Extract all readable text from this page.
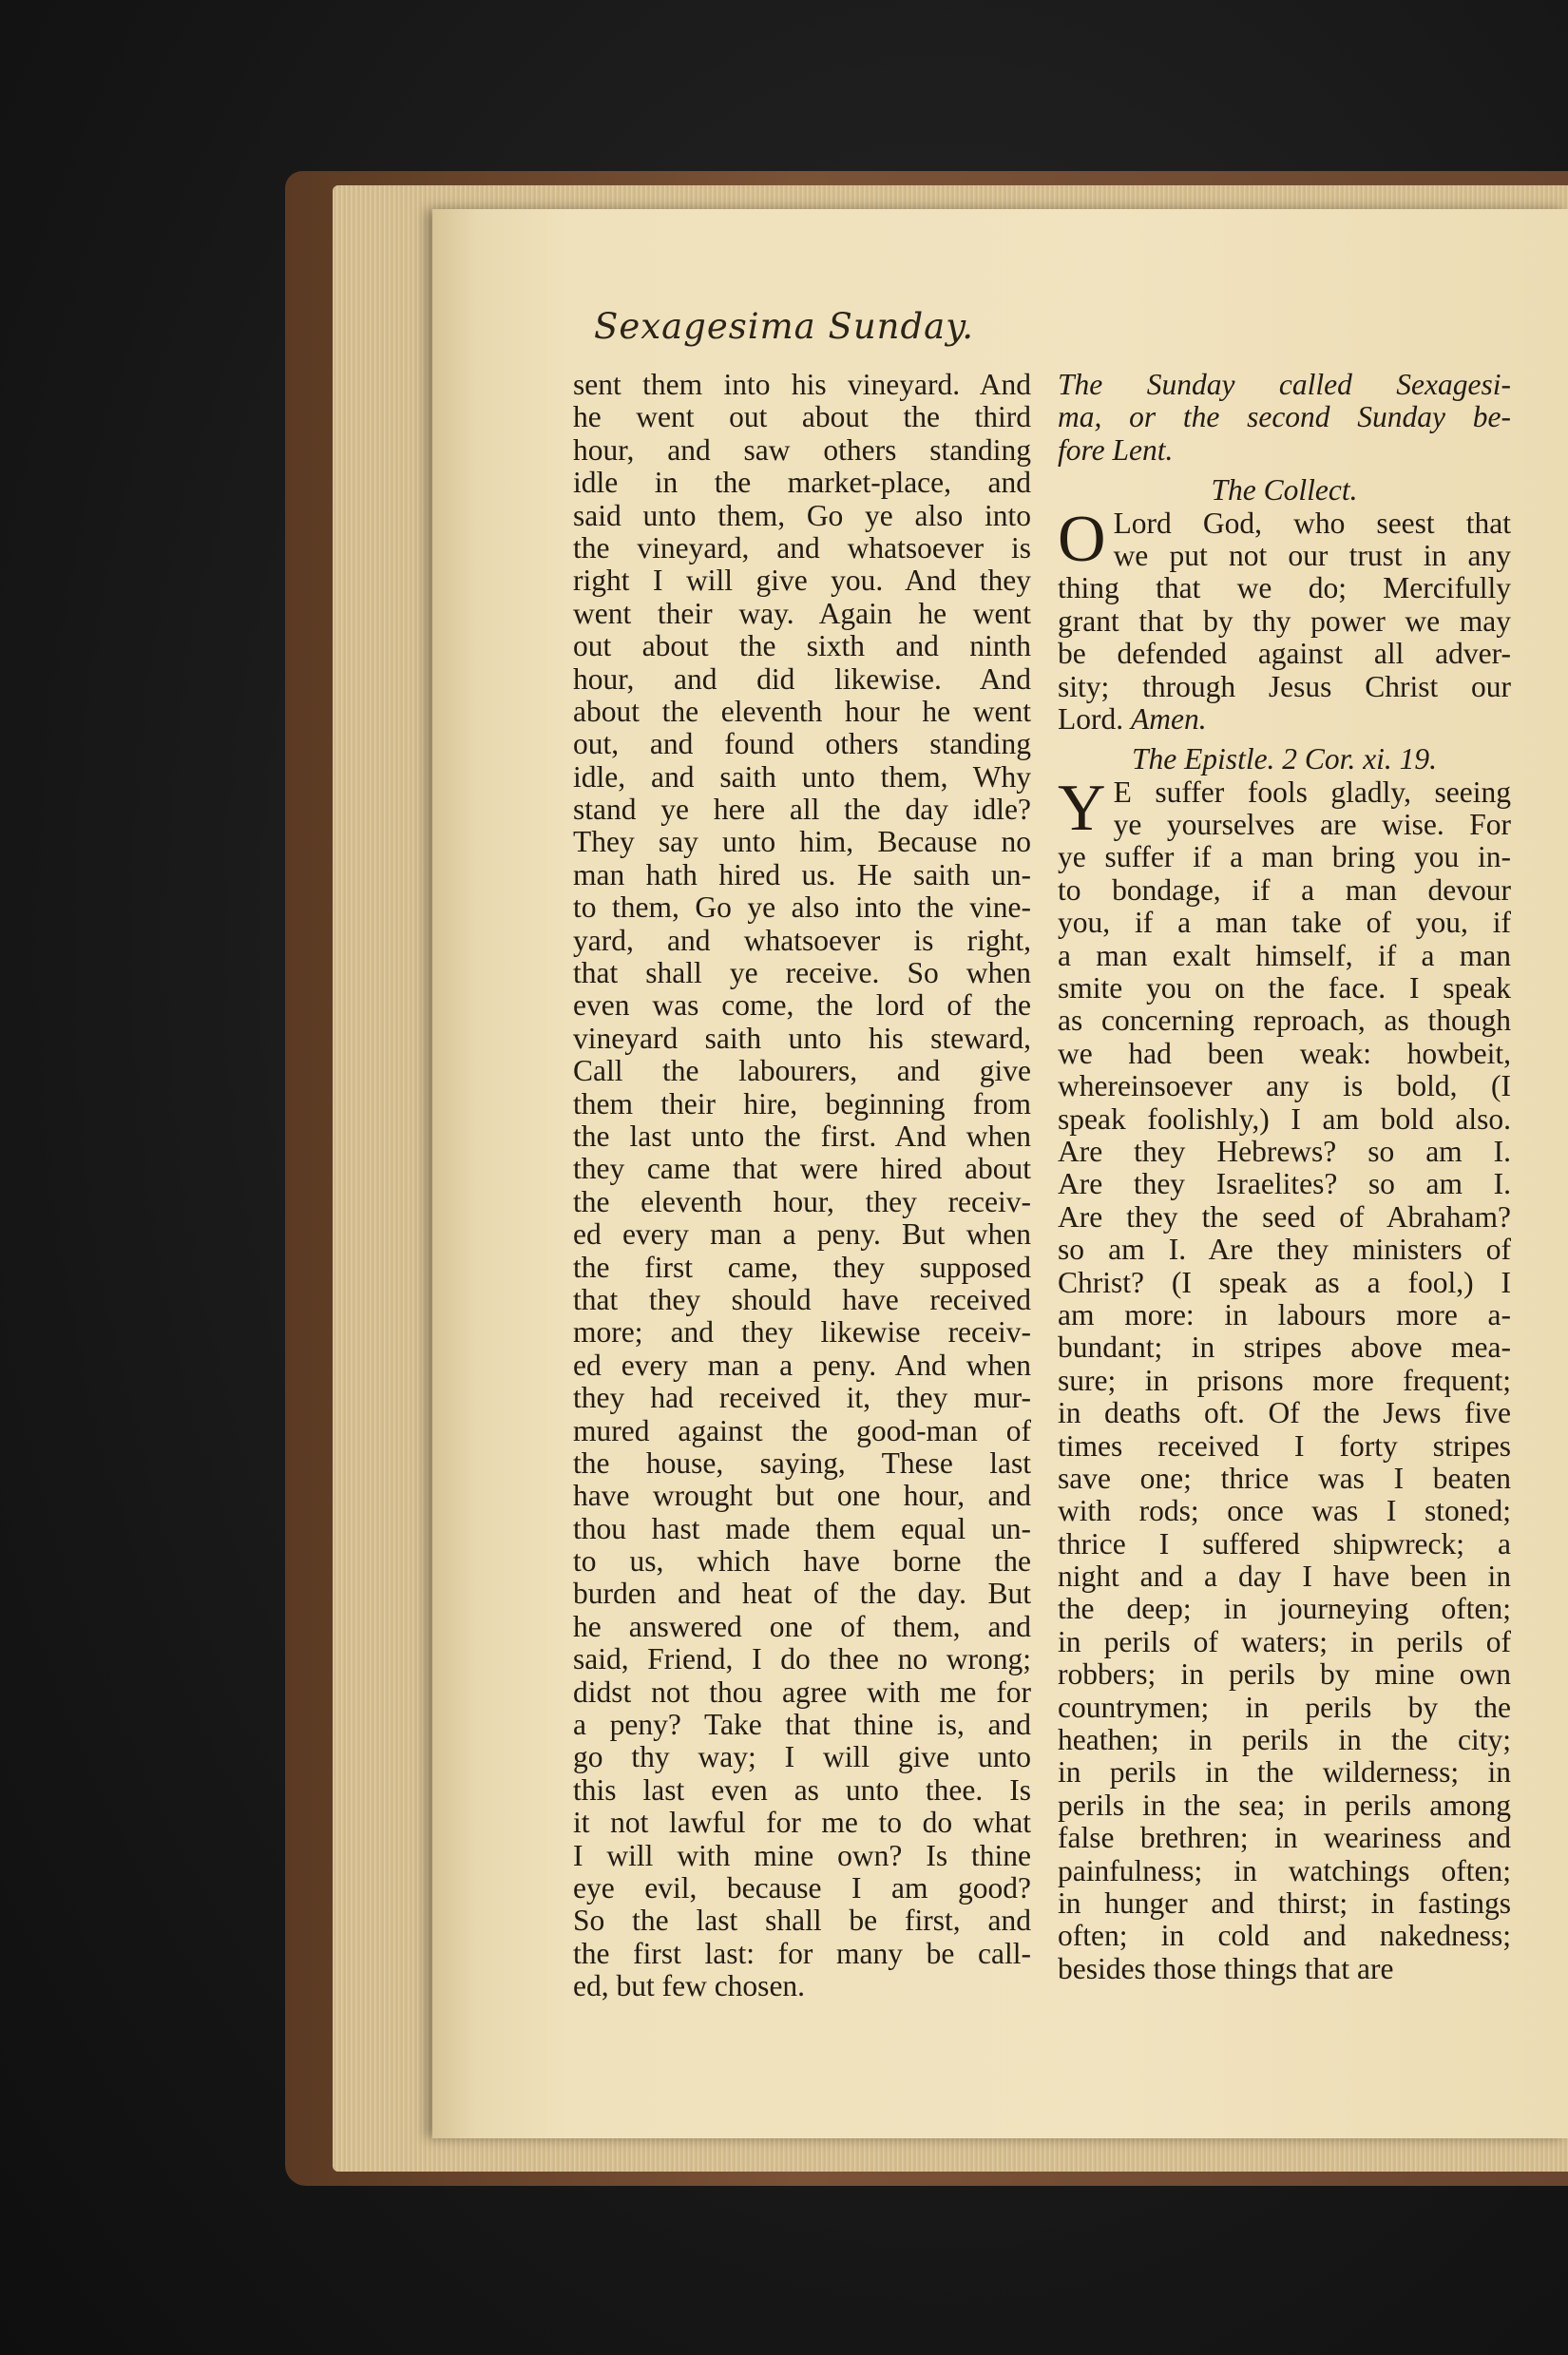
Sexagesima Sunday.
sent them into his vineyard. And
he went out about the third
hour, and saw others standing
idle in the market-place, and
said unto them, Go ye also into
the vineyard, and whatsoever is
right I will give you. And they
went their way. Again he went
out about the sixth and ninth
hour, and did likewise. And
about the eleventh hour he went
out, and found others standing
idle, and saith unto them, Why
stand ye here all the day idle?
They say unto him, Because no
man hath hired us. He saith un-
to them, Go ye also into the vine-
yard, and whatsoever is right,
that shall ye receive. So when
even was come, the lord of the
vineyard saith unto his steward,
Call the labourers, and give
them their hire, beginning from
the last unto the first. And when
they came that were hired about
the eleventh hour, they receiv-
ed every man a peny. But when
the first came, they supposed
that they should have received
more; and they likewise receiv-
ed every man a peny. And when
they had received it, they mur-
mured against the good-man of
the house, saying, These last
have wrought but one hour, and
thou hast made them equal un-
to us, which have borne the
burden and heat of the day. But
he answered one of them, and
said, Friend, I do thee no wrong;
didst not thou agree with me for
a peny? Take that thine is, and
go thy way; I will give unto
this last even as unto thee. Is
it not lawful for me to do what
I will with mine own? Is thine
eye evil, because I am good?
So the last shall be first, and
the first last: for many be call-
ed, but few chosen.
The Sunday called Sexagesi-
ma, or the second Sunday be-
fore Lent.
The Collect.
O Lord God, who seest that
we put not our trust in any
thing that we do; Mercifully
grant that by thy power we may
be defended against all adver-
sity; through Jesus Christ our
Lord. Amen.
The Epistle. 2 Cor. xi. 19.
Y E suffer fools gladly, seeing
ye yourselves are wise. For
ye suffer if a man bring you in-
to bondage, if a man devour
you, if a man take of you, if
a man exalt himself, if a man
smite you on the face. I speak
as concerning reproach, as though
we had been weak: howbeit,
whereinsoever any is bold, (I
speak foolishly,) I am bold also.
Are they Hebrews? so am I.
Are they Israelites? so am I.
Are they the seed of Abraham?
so am I. Are they ministers of
Christ? (I speak as a fool,) I
am more: in labours more a-
bundant; in stripes above mea-
sure; in prisons more frequent;
in deaths oft. Of the Jews five
times received I forty stripes
save one; thrice was I beaten
with rods; once was I stoned;
thrice I suffered shipwreck; a
night and a day I have been in
the deep; in journeying often;
in perils of waters; in perils of
robbers; in perils by mine own
countrymen; in perils by the
heathen; in perils in the city;
in perils in the wilderness; in
perils in the sea; in perils among
false brethren; in weariness and
painfulness; in watchings often;
in hunger and thirst; in fastings
often; in cold and nakedness;
besides those things that are
